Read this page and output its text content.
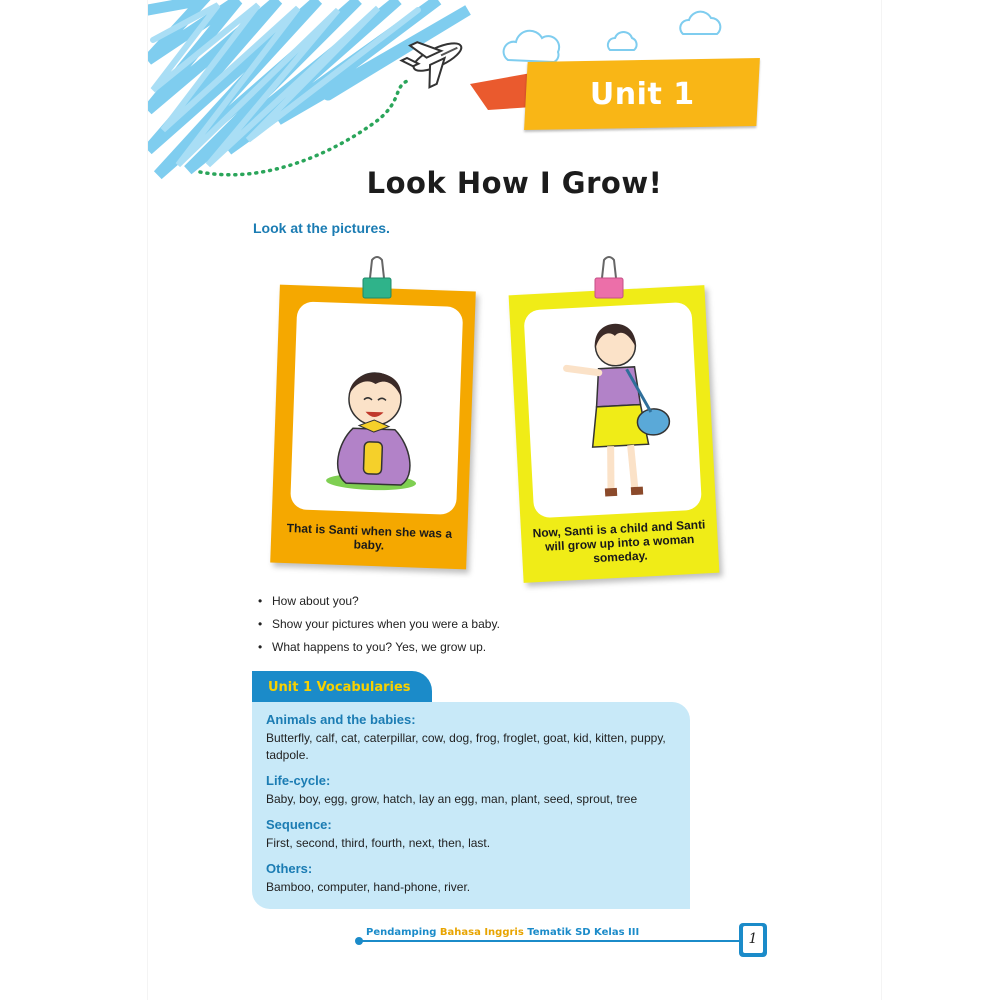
Unit 1
Look How I Grow!
Look at the pictures.
That is Santi when she was a baby.
Now, Santi is a child and Santi will grow up into a woman someday.
• How about you?
• Show your pictures when you were a baby.
• What happens to you? Yes, we grow up.
Unit 1 Vocabularies
Animals and the babies:
Butterfly, calf, cat, caterpillar, cow, dog, frog, froglet, goat, kid, kitten, puppy, tadpole.
Life-cycle:
Baby, boy, egg, grow, hatch, lay an egg, man, plant, seed, sprout, tree
Sequence:
First, second, third, fourth, next, then, last.
Others:
Bamboo, computer, hand-phone, river.
Pendamping Bahasa Inggris Tematik SD Kelas III	1
